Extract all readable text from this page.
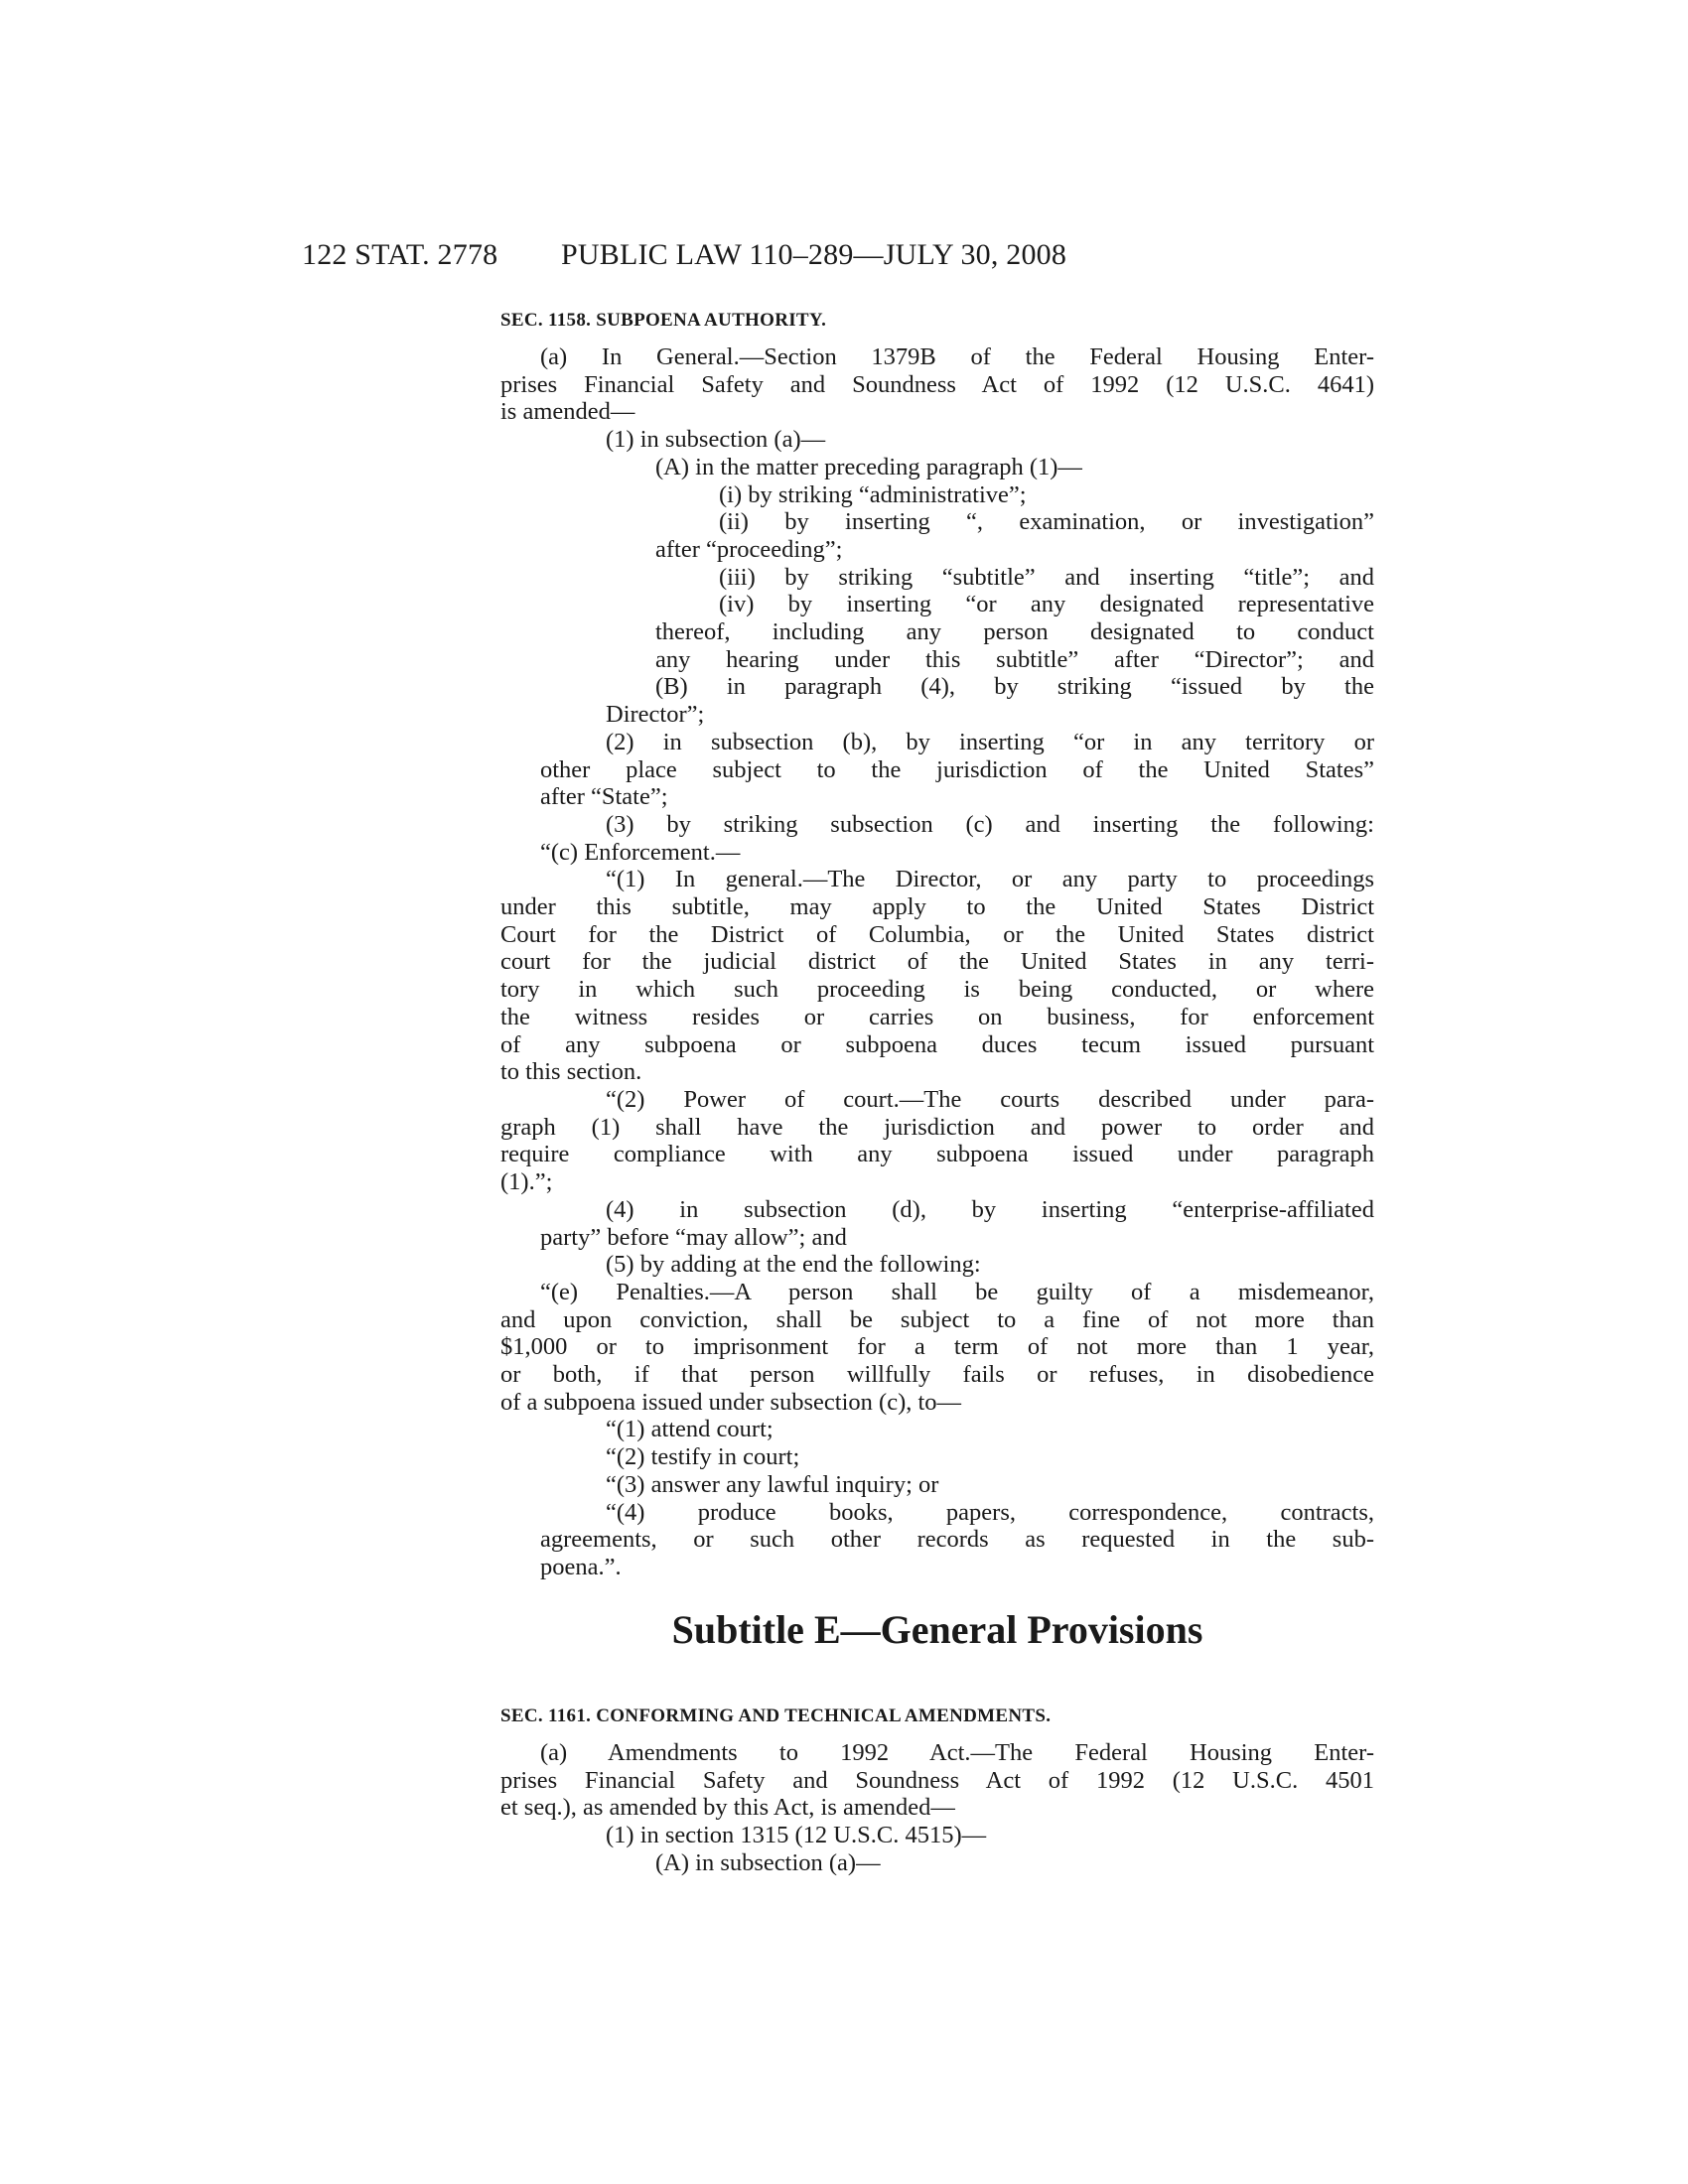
122 STAT. 2778 PUBLIC LAW 110–289—JULY 30, 2008
SEC. 1158. SUBPOENA AUTHORITY.
(a) In General.—Section 1379B of the Federal Housing Enter-
prises Financial Safety and Soundness Act of 1992 (12 U.S.C. 4641)
is amended—
(1) in subsection (a)—
(A) in the matter preceding paragraph (1)—
(i) by striking “administrative”;
(ii) by inserting “, examination, or investigation”
after “proceeding”;
(iii) by striking “subtitle” and inserting “title”; and
(iv) by inserting “or any designated representative
thereof, including any person designated to conduct
any hearing under this subtitle” after “Director”; and
(B) in paragraph (4), by striking “issued by the
Director”;
(2) in subsection (b), by inserting “or in any territory or
other place subject to the jurisdiction of the United States”
after “State”;
(3) by striking subsection (c) and inserting the following:
“(c) Enforcement.—
“(1) In general.—The Director, or any party to proceedings
under this subtitle, may apply to the United States District
Court for the District of Columbia, or the United States district
court for the judicial district of the United States in any terri-
tory in which such proceeding is being conducted, or where
the witness resides or carries on business, for enforcement
of any subpoena or subpoena duces tecum issued pursuant
to this section.
“(2) Power of court.—The courts described under para-
graph (1) shall have the jurisdiction and power to order and
require compliance with any subpoena issued under paragraph
(1).”;
(4) in subsection (d), by inserting “enterprise-affiliated
party” before “may allow”; and
(5) by adding at the end the following:
“(e) Penalties.—A person shall be guilty of a misdemeanor,
and upon conviction, shall be subject to a fine of not more than
$1,000 or to imprisonment for a term of not more than 1 year,
or both, if that person willfully fails or refuses, in disobedience
of a subpoena issued under subsection (c), to—
“(1) attend court;
“(2) testify in court;
“(3) answer any lawful inquiry; or
“(4) produce books, papers, correspondence, contracts,
agreements, or such other records as requested in the sub-
poena.”.
Subtitle E—General Provisions
SEC. 1161. CONFORMING AND TECHNICAL AMENDMENTS.
(a) Amendments to 1992 Act.—The Federal Housing Enter-
prises Financial Safety and Soundness Act of 1992 (12 U.S.C. 4501
et seq.), as amended by this Act, is amended—
(1) in section 1315 (12 U.S.C. 4515)—
(A) in subsection (a)—
